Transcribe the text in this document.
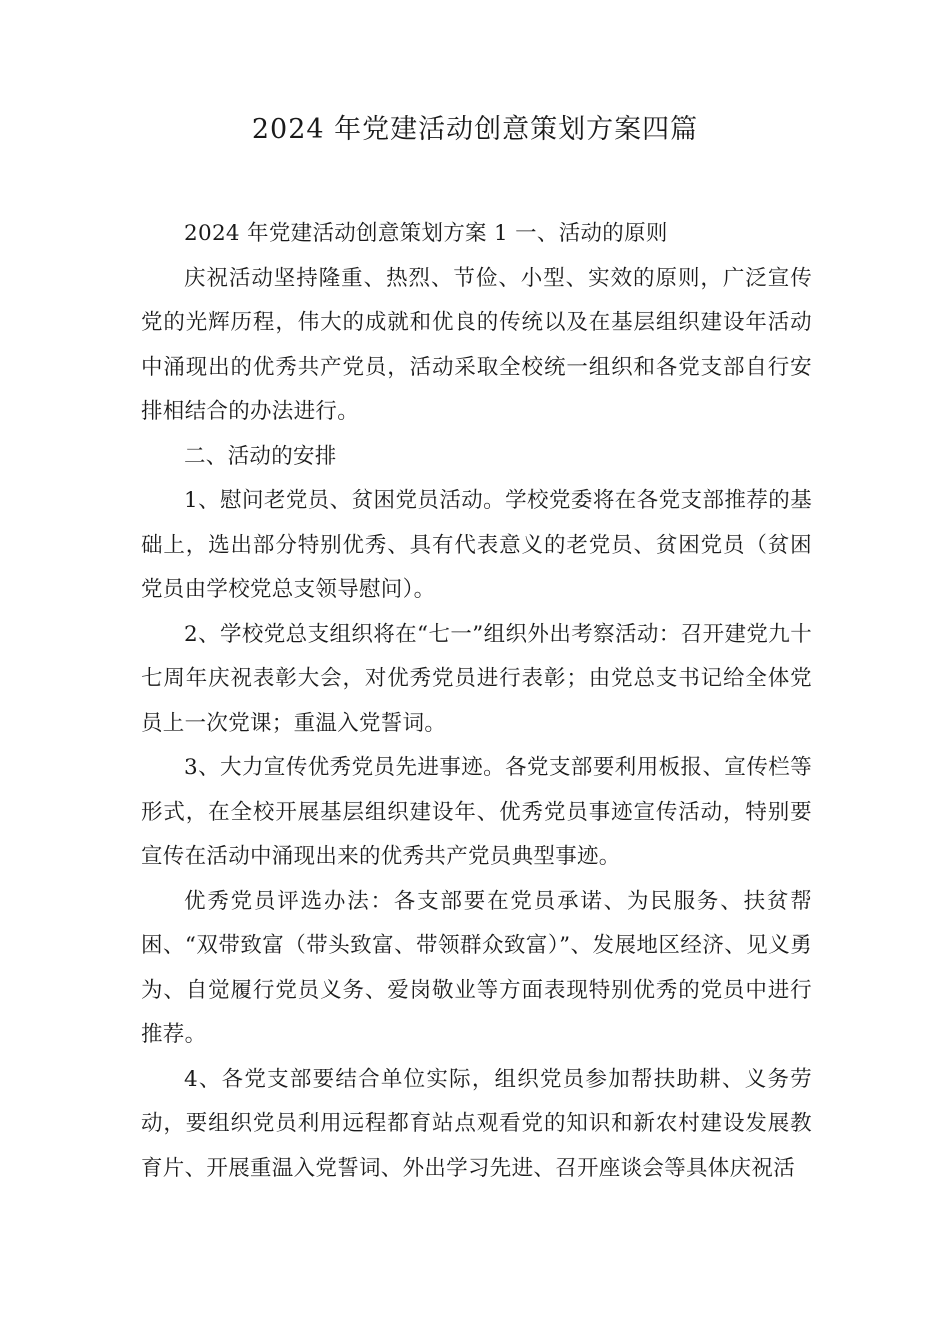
2024 年党建活动创意策划方案四篇

2024 年党建活动创意策划方案 1 一、活动的原则

庆祝活动坚持隆重、热烈、节俭、小型、实效的原则，广泛宣传党的光辉历程，伟大的成就和优良的传统以及在基层组织建设年活动中涌现出的优秀共产党员，活动采取全校统一组织和各党支部自行安排相结合的办法进行。

二、活动的安排

1、慰问老党员、贫困党员活动。学校党委将在各党支部推荐的基础上，选出部分特别优秀、具有代表意义的老党员、贫困党员（贫困党员由学校党总支领导慰问）。

2、学校党总支组织将在“七一”组织外出考察活动：召开建党九十七周年庆祝表彰大会，对优秀党员进行表彰；由党总支书记给全体党员上一次党课；重温入党誓词。

3、大力宣传优秀党员先进事迹。各党支部要利用板报、宣传栏等形式，在全校开展基层组织建设年、优秀党员事迹宣传活动，特别要宣传在活动中涌现出来的优秀共产党员典型事迹。

优秀党员评选办法：各支部要在党员承诺、为民服务、扶贫帮困、“双带致富（带头致富、带领群众致富）”、发展地区经济、见义勇为、自觉履行党员义务、爱岗敬业等方面表现特别优秀的党员中进行推荐。

4、各党支部要结合单位实际，组织党员参加帮扶助耕、义务劳动，要组织党员利用远程都育站点观看党的知识和新农村建设发展教育片、开展重温入党誓词、外出学习先进、召开座谈会等具体庆祝活
